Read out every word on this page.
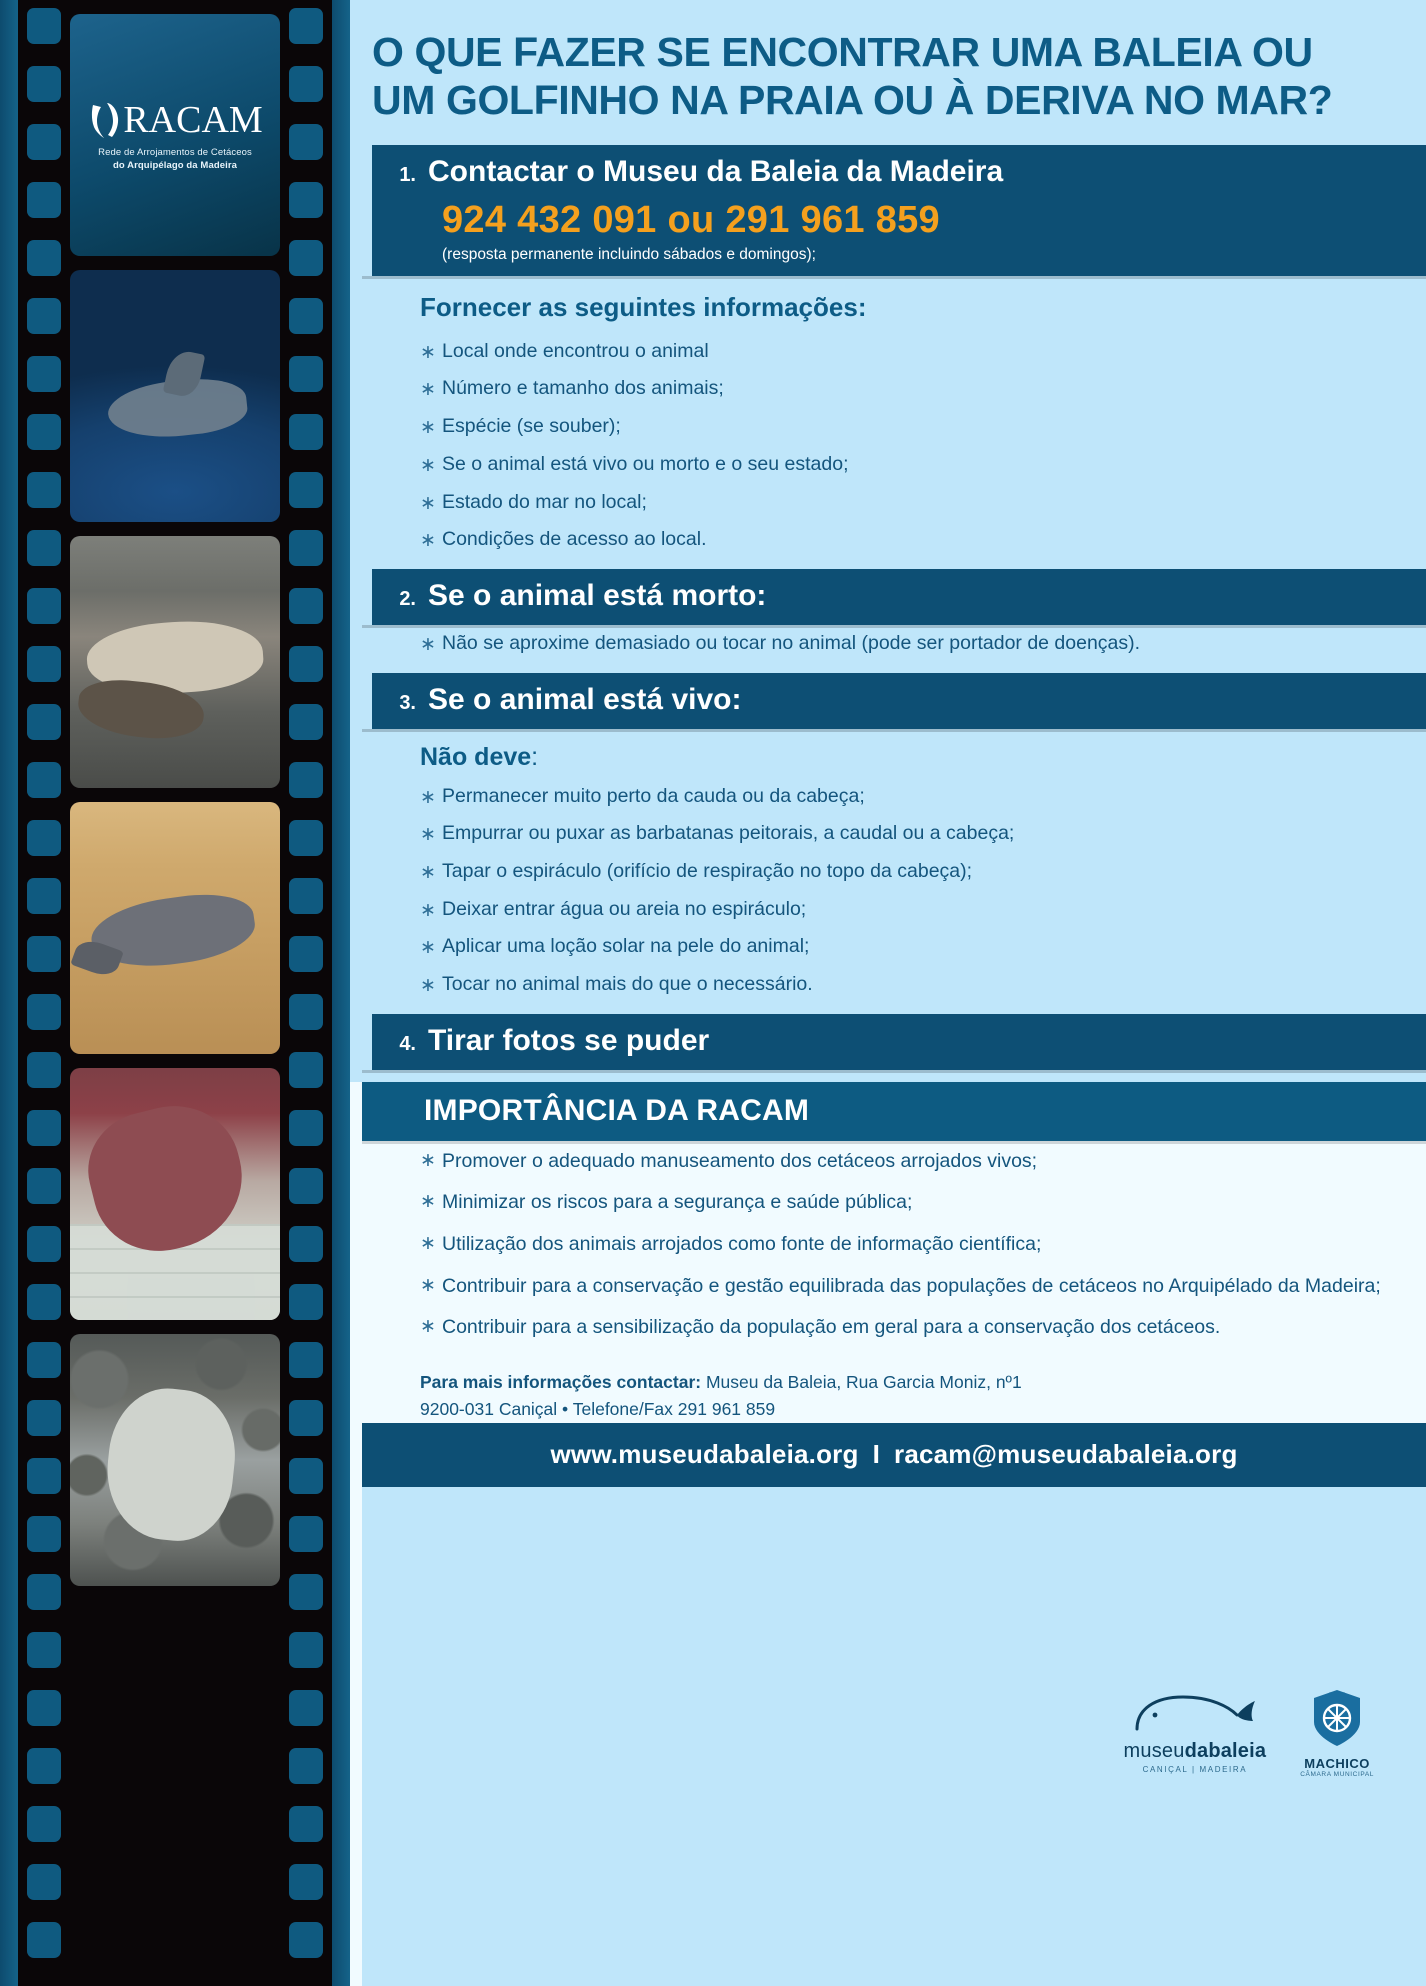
RACAM
Rede de Arrojamentos de Cetáceos
do Arquipélago da Madeira
O QUE FAZER SE ENCONTRAR UMA BALEIA OU UM GOLFINHO NA PRAIA OU À DERIVA NO MAR?
1. Contactar o Museu da Baleia da Madeira
924 432 091 ou 291 961 859
(resposta permanente incluindo sábados e domingos);
Fornecer as seguintes informações:
∗ Local onde encontrou o animal
∗ Número e tamanho dos animais;
∗ Espécie (se souber);
∗ Se o animal está vivo ou morto e o seu estado;
∗ Estado do mar no local;
∗ Condições de acesso ao local.
2. Se o animal está morto:
∗ Não se aproxime demasiado ou tocar no animal (pode ser portador de doenças).
3. Se o animal está vivo:
Não deve:
∗ Permanecer muito perto da cauda ou da cabeça;
∗ Empurrar ou puxar as barbatanas peitorais, a caudal ou a cabeça;
∗ Tapar o espiráculo (orifício de respiração no topo da cabeça);
∗ Deixar entrar água ou areia no espiráculo;
∗ Aplicar uma loção solar na pele do animal;
∗ Tocar no animal mais do que o necessário.
4. Tirar fotos se puder
IMPORTÂNCIA DA RACAM
∗ Promover o adequado manuseamento dos cetáceos arrojados vivos;
∗ Minimizar os riscos para a segurança e saúde pública;
∗ Utilização dos animais arrojados como fonte de informação científica;
∗ Contribuir para a conservação e gestão equilibrada das populações de cetáceos no Arquipélado da Madeira;
∗ Contribuir para a sensibilização da população em geral para a conservação dos cetáceos.
Para mais informações contactar: Museu da Baleia, Rua Garcia Moniz, nº1
9200-031 Caniçal • Telefone/Fax 291 961 859
www.museudabaleia.org I racam@museudabaleia.org
museudabaleia
CANIÇAL | MADEIRA	MACHICO
CÂMARA MUNICIPAL
